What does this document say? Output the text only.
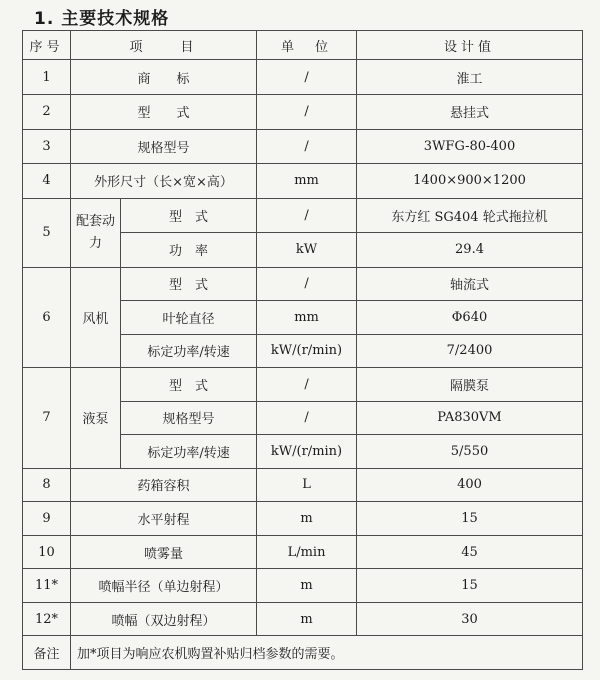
1. 主要技术规格
序号	项　　目		单　位	设计值
1	商　　标		/	淮工
2	型　　式		/	悬挂式
3	规格型号		/	3WFG-80-400
4	外形尺寸（长×宽×高）		mm	1400×900×1200
5	配套动力	型　式	/	东方红 SG404 轮式拖拉机
		功　率	kW	29.4
6	风机	型　式	/	轴流式
		叶轮直径	mm	Φ640
		标定功率/转速	kW/(r/min)	7/2400
7	液泵	型　式	/	隔膜泵
		规格型号	/	PA830VM
		标定功率/转速	kW/(r/min)	5/550
8	药箱容积		L	400
9	水平射程		m	15
10	喷雾量		L/min	45
11*	喷幅半径（单边射程）		m	15
12*	喷幅（双边射程）		m	30
备注	加*项目为响应农机购置补贴归档参数的需要。			
